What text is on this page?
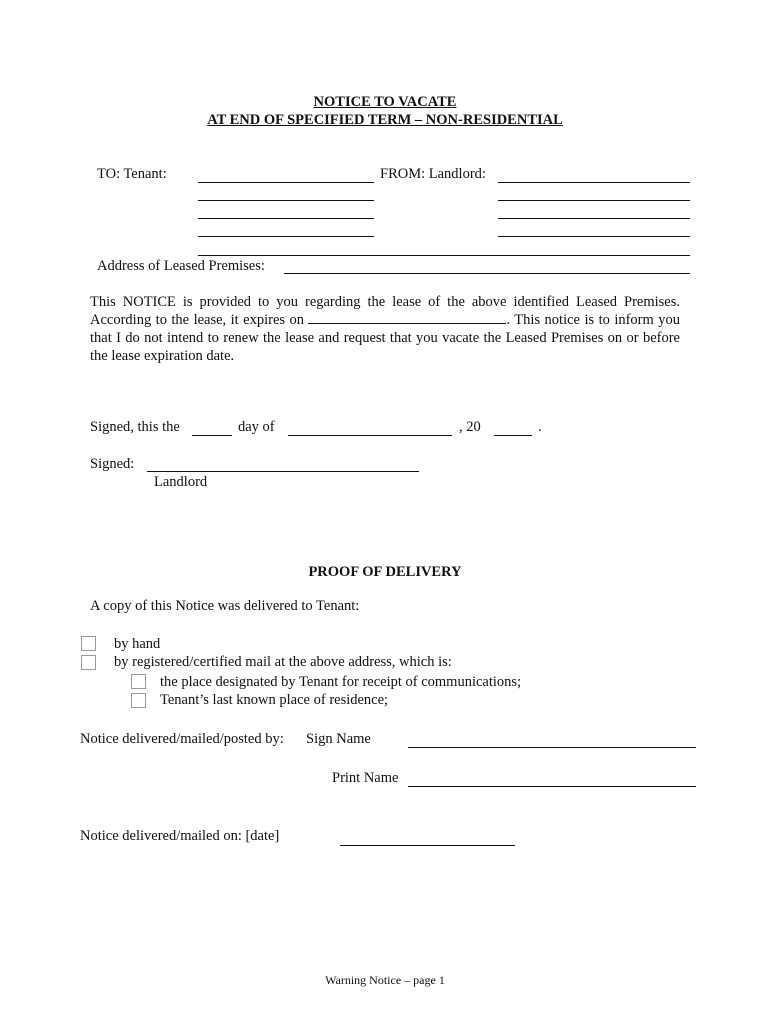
NOTICE TO VACATE
AT END OF SPECIFIED TERM – NON-RESIDENTIAL
TO: Tenant:	FROM: Landlord:
Address of Leased Premises:
This NOTICE is provided to you regarding the lease of the above identified Leased Premises. According to the lease, it expires on	. This notice is to inform you that I do not intend to renew the lease and request that you vacate the Leased Premises on or before the lease expiration date.
Signed, this the	day of	, 20	.
Signed:
Landlord
PROOF OF DELIVERY
A copy of this Notice was delivered to Tenant:
by hand
by registered/certified mail at the above address, which is:
the place designated by Tenant for receipt of communications;
Tenant’s last known place of residence;
Notice delivered/mailed/posted by: Sign Name
Print Name
Notice delivered/mailed on: [date]
Warning Notice – page 1
